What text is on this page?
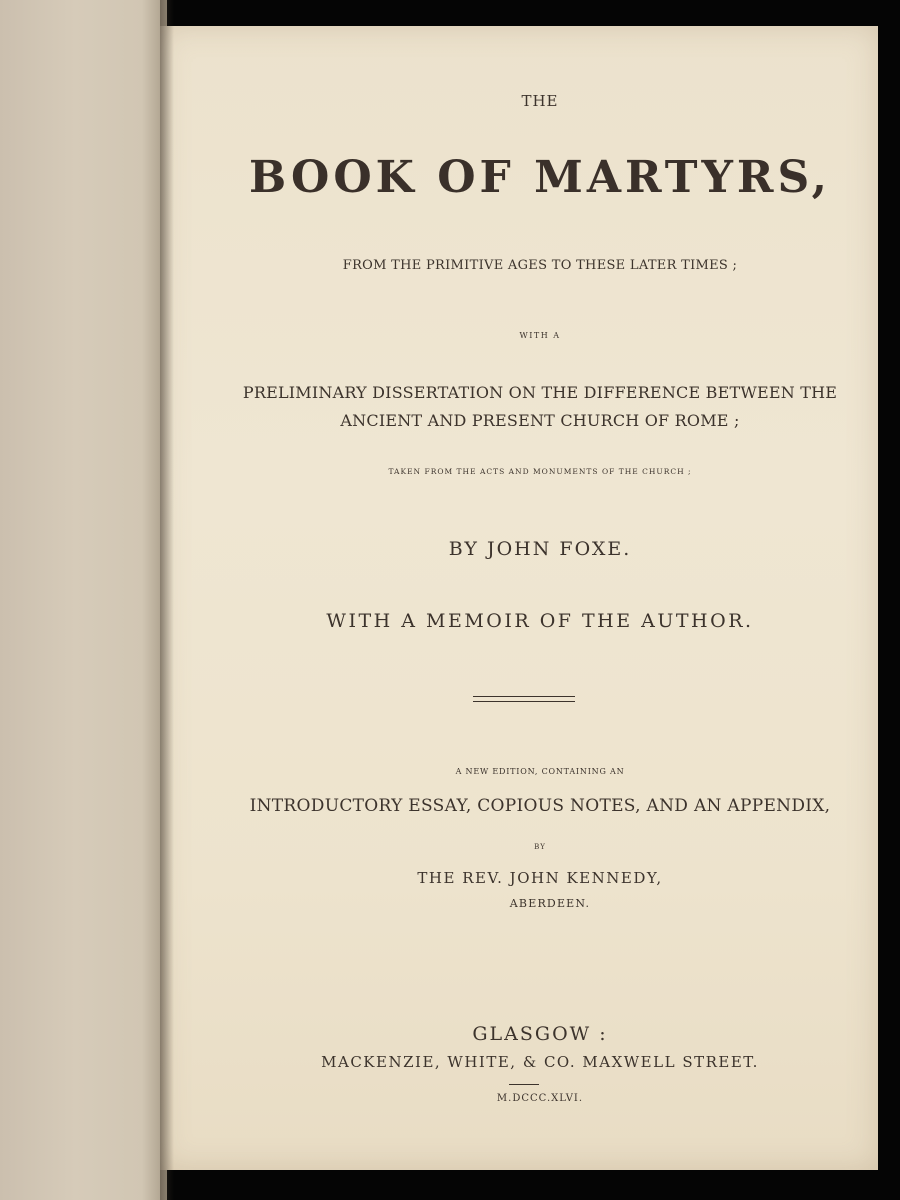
THE
BOOK OF MARTYRS,
FROM THE PRIMITIVE AGES TO THESE LATER TIMES ;
WITH A
PRELIMINARY DISSERTATION ON THE DIFFERENCE BETWEEN THE
ANCIENT AND PRESENT CHURCH OF ROME ;
TAKEN FROM THE ACTS AND MONUMENTS OF THE CHURCH ;
BY JOHN FOXE.
WITH A MEMOIR OF THE AUTHOR.
A NEW EDITION, CONTAINING AN
INTRODUCTORY ESSAY, COPIOUS NOTES, AND AN APPENDIX,
BY
THE REV. JOHN KENNEDY,
ABERDEEN.
GLASGOW :
MACKENZIE, WHITE, & CO. MAXWELL STREET.
M.DCCC.XLVI.
